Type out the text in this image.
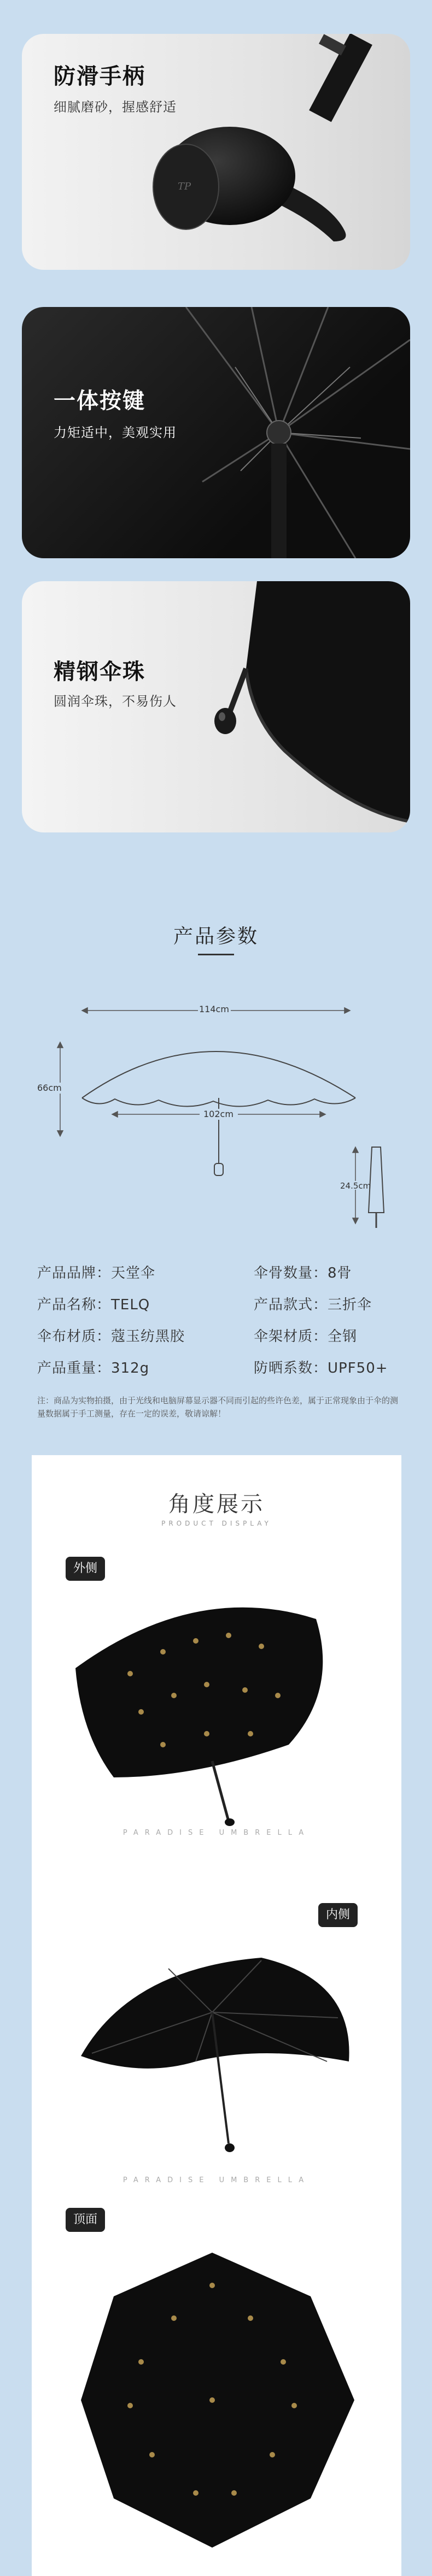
防滑手柄
细腻磨砂，握感舒适
TP
一体按键
力矩适中，美观实用
精钢伞珠
圆润伞珠，不易伤人
产品参数
114cm
66cm
102cm
24.5cm
产品品牌：天堂伞	伞骨数量：8骨
产品名称：TELQ	产品款式：三折伞
伞布材质：蔻玉纺黑胶	伞架材质：全钢
产品重量：312g	防晒系数：UPF50+
注：商品为实物拍摄，由于光线和电脑屏幕显示器不同而引起的些许色差，属于正常现象由于伞的测量数据属于手工测量，存在一定的误差，敬请谅解！
角度展示
PRODUCT DISPLAY
外侧
PARADISE UMBRELLA
内侧
PARADISE UMBRELLA
顶面
